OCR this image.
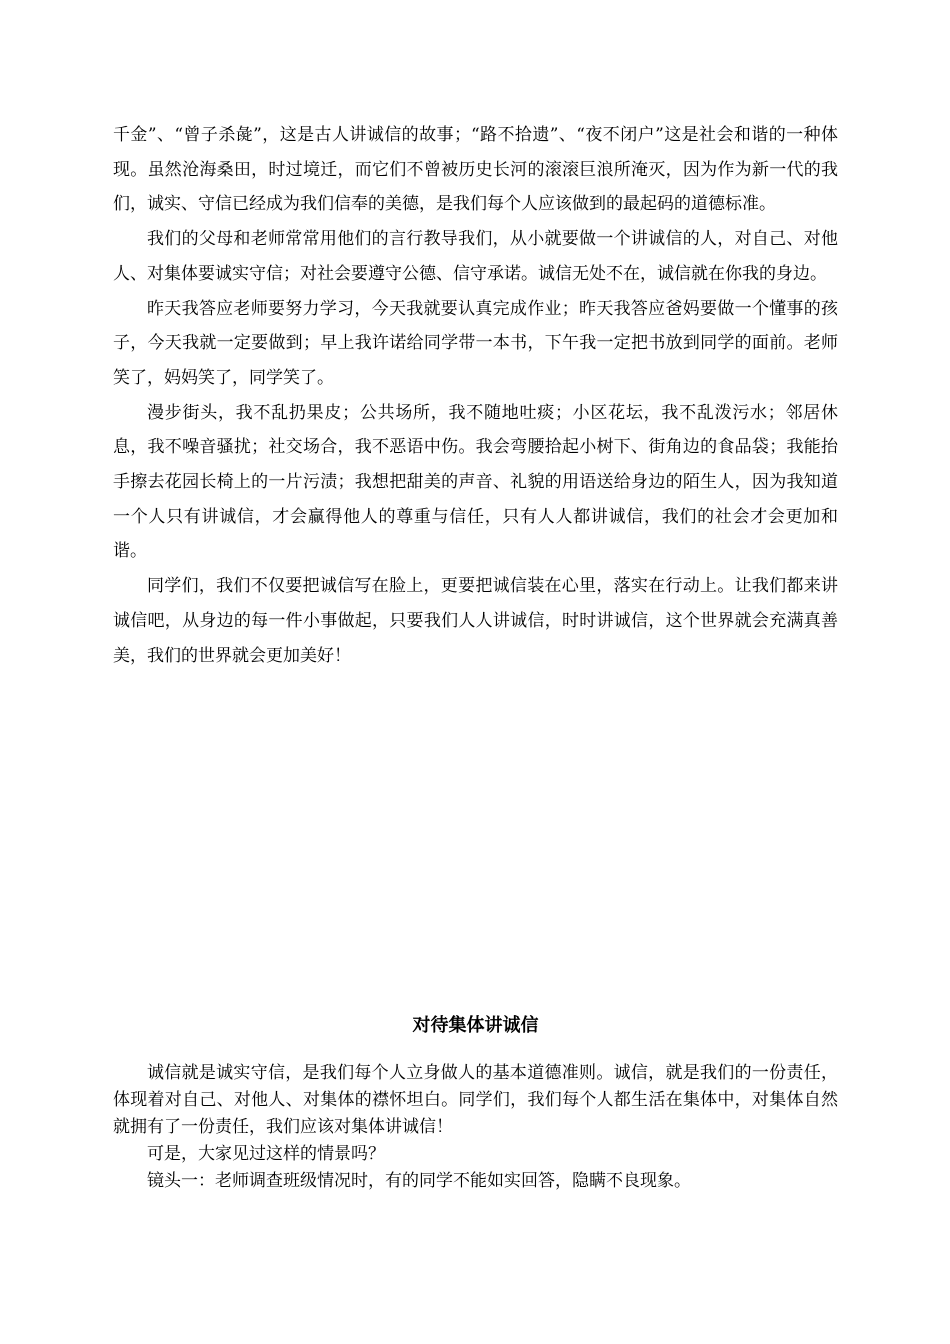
千金”、“曾子杀彘”，这是古人讲诚信的故事；“路不拾遗”、“夜不闭户”这是社会和谐的一种体现。虽然沧海桑田，时过境迁，而它们不曾被历史长河的滚滚巨浪所淹灭，因为作为新一代的我们，诚实、守信已经成为我们信奉的美德，是我们每个人应该做到的最起码的道德标准。

我们的父母和老师常常用他们的言行教导我们，从小就要做一个讲诚信的人，对自己、对他人、对集体要诚实守信；对社会要遵守公德、信守承诺。诚信无处不在，诚信就在你我的身边。

昨天我答应老师要努力学习，今天我就要认真完成作业；昨天我答应爸妈要做一个懂事的孩子，今天我就一定要做到；早上我许诺给同学带一本书，下午我一定把书放到同学的面前。老师笑了，妈妈笑了，同学笑了。

漫步街头，我不乱扔果皮；公共场所，我不随地吐痰；小区花坛，我不乱泼污水；邻居休息，我不噪音骚扰；社交场合，我不恶语中伤。我会弯腰拾起小树下、街角边的食品袋；我能抬手擦去花园长椅上的一片污渍；我想把甜美的声音、礼貌的用语送给身边的陌生人，因为我知道一个人只有讲诚信，才会赢得他人的尊重与信任，只有人人都讲诚信，我们的社会才会更加和谐。

同学们，我们不仅要把诚信写在脸上，更要把诚信装在心里，落实在行动上。让我们都来讲诚信吧，从身边的每一件小事做起，只要我们人人讲诚信，时时讲诚信，这个世界就会充满真善美，我们的世界就会更加美好！

对待集体讲诚信

诚信就是诚实守信，是我们每个人立身做人的基本道德准则。诚信，就是我们的一份责任，体现着对自己、对他人、对集体的襟怀坦白。同学们，我们每个人都生活在集体中，对集体自然就拥有了一份责任，我们应该对集体讲诚信！

可是，大家见过这样的情景吗？

镜头一：老师调查班级情况时，有的同学不能如实回答，隐瞒不良现象。
